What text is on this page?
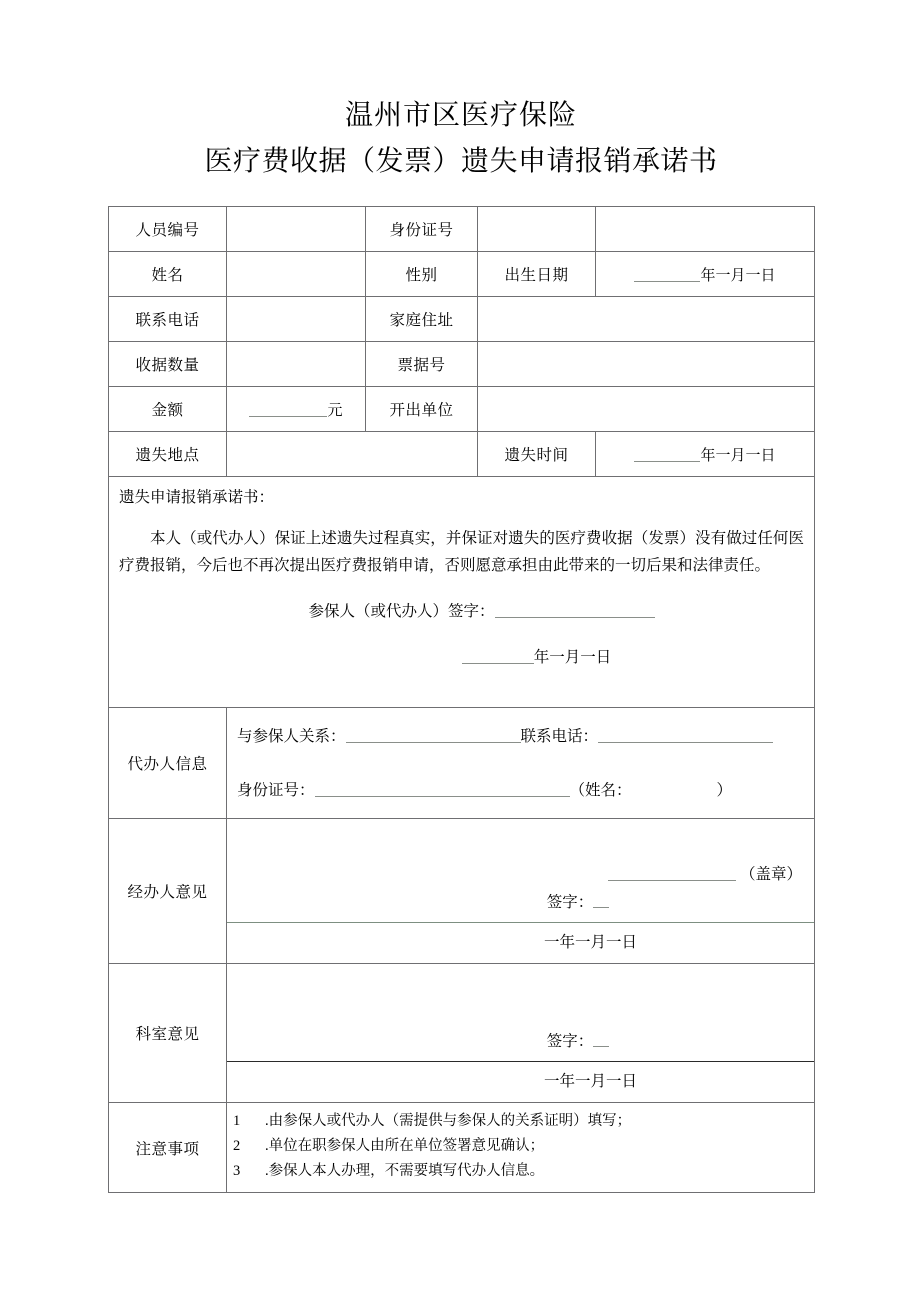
温州市区医疗保险
医疗费收据（发票）遗失申请报销承诺书
人员编号		身份证号		
姓名		性别	出生日期	年一月一日
联系电话		家庭住址		
收据数量		票据号		
金额	元	开出单位		
遗失地点			遗失时间	年一月一日

遗失申请报销承诺书：

本人（或代办人）保证上述遗失过程真实，并保证对遗失的医疗费收据（发票）没有做过任何医疗费报销，今后也不再次提出医疗费报销申请，否则愿意承担由此带来的一切后果和法律责任。

参保人（或代办人）签字：
年一月一日				

代办人信息	与参保人关系： 联系电话：
身份证号： （姓名： ）			

经办人意见	（盖章）
签字：
一年一月一日			

科室意见	签字：
一年一月一日			

注意事项	1 .由参保人或代办人（需提供与参保人的关系证明）填写；
2 .单位在职参保人由所在单位签署意见确认；
3 .参保人本人办理，不需要填写代办人信息。			
